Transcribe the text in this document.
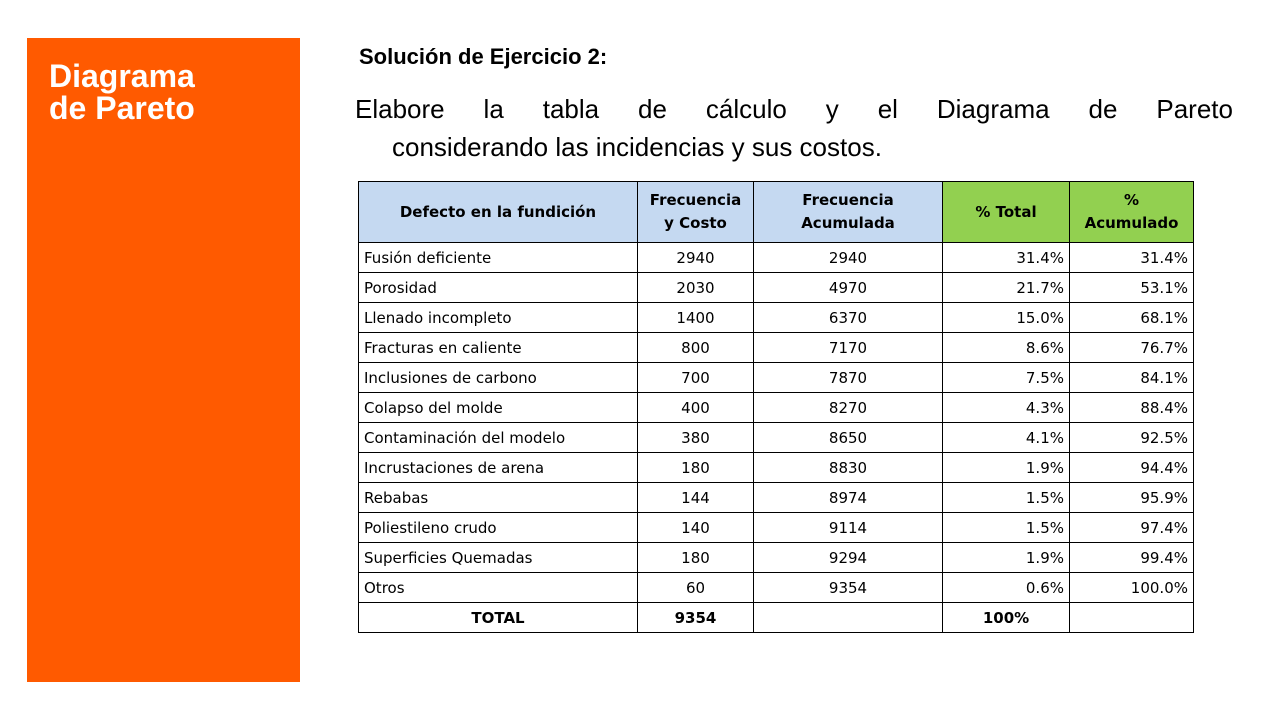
Diagrama
de Pareto
Solución de Ejercicio 2:

Elabore la tabla de cálculo y el Diagrama de Pareto

considerando las incidencias y sus costos.

Defecto en la fundición	Frecuencia y Costo	Frecuencia Acumulada	% Total	% Acumulado
Fusión deficiente	2940	2940	31.4%	31.4%
Porosidad	2030	4970	21.7%	53.1%
Llenado incompleto	1400	6370	15.0%	68.1%
Fracturas en caliente	800	7170	8.6%	76.7%
Inclusiones de carbono	700	7870	7.5%	84.1%
Colapso del molde	400	8270	4.3%	88.4%
Contaminación del modelo	380	8650	4.1%	92.5%
Incrustaciones de arena	180	8830	1.9%	94.4%
Rebabas	144	8974	1.5%	95.9%
Poliestileno crudo	140	9114	1.5%	97.4%
Superficies Quemadas	180	9294	1.9%	99.4%
Otros	60	9354	0.6%	100.0%
TOTAL	9354		100%	
